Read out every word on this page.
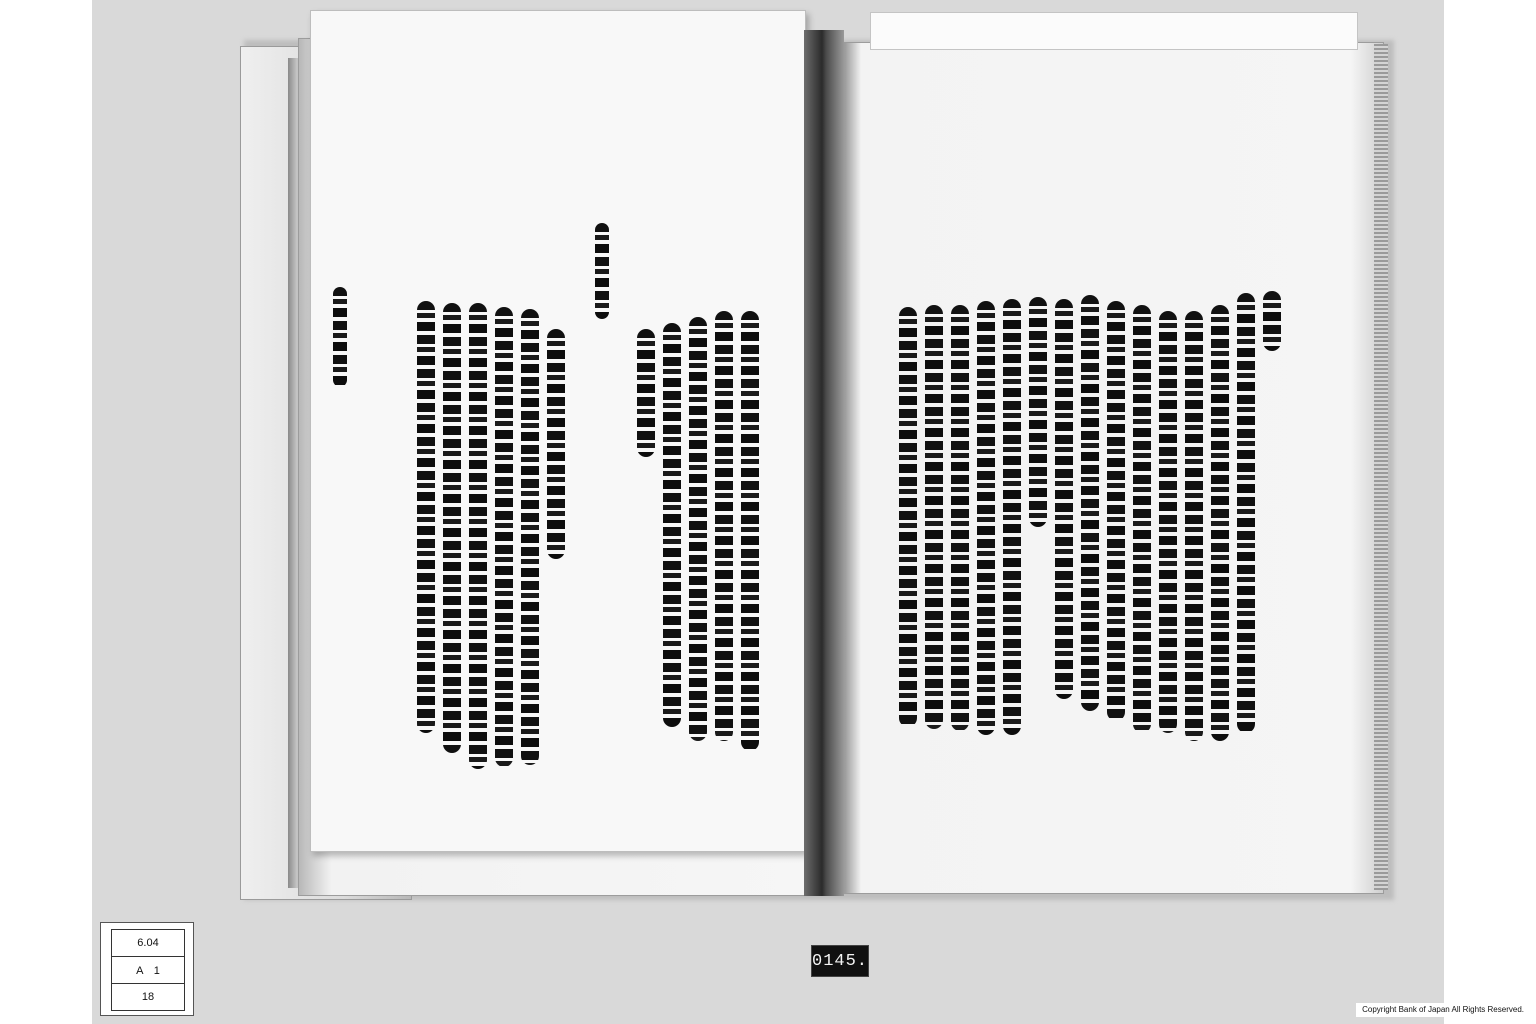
6.04
A　1
18
0145.
Copyright Bank of Japan All Rights Reserved.
